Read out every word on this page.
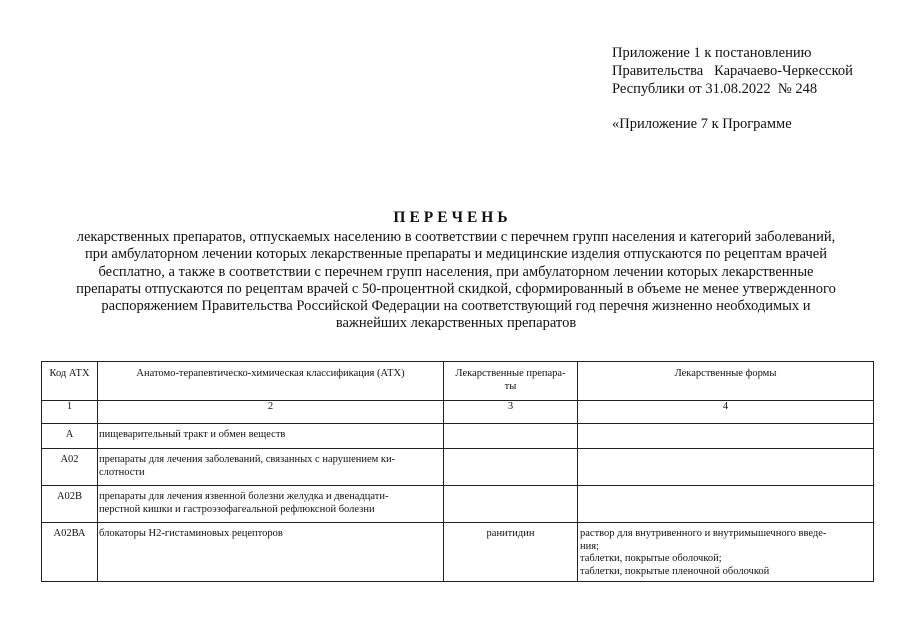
Приложение 1 к постановлению
Правительства   Карачаево-Черкесской
Республики от 31.08.2022  № 248
«Приложение 7 к Программе
ПЕРЕЧЕНЬ
лекарственных препаратов, отпускаемых населению в соответствии с перечнем групп населения и категорий заболеваний,
при амбулаторном лечении которых лекарственные препараты и медицинские изделия отпускаются по рецептам врачей
бесплатно, а также в соответствии с перечнем групп населения, при амбулаторном лечении которых лекарственные
препараты отпускаются по рецептам врачей с 50-процентной скидкой, сформированный в объеме не менее утвержденного
распоряжением Правительства Российской Федерации на соответствующий год перечня жизненно необходимых и
важнейших лекарственных препаратов
Код АТХ	Анатомо-терапевтическо-химическая классификация (АТХ)	Лекарственные препара-
ты	Лекарственные формы

1	2	3	4

А	пищеварительный тракт и обмен веществ		

А02	препараты для лечения заболеваний, связанных с нарушением ки-
слотности		

А02В	препараты для лечения язвенной болезни желудка и двенадцати-
перстной кишки и гастроэзофагеальной рефлюксной болезни		

А02ВА	блокаторы Н2-гистаминовых рецепторов	ранитидин	раствор для внутривенного и внутримышечного введе-
ния;
таблетки, покрытые оболочкой;
таблетки, покрытые пленочной оболочкой
